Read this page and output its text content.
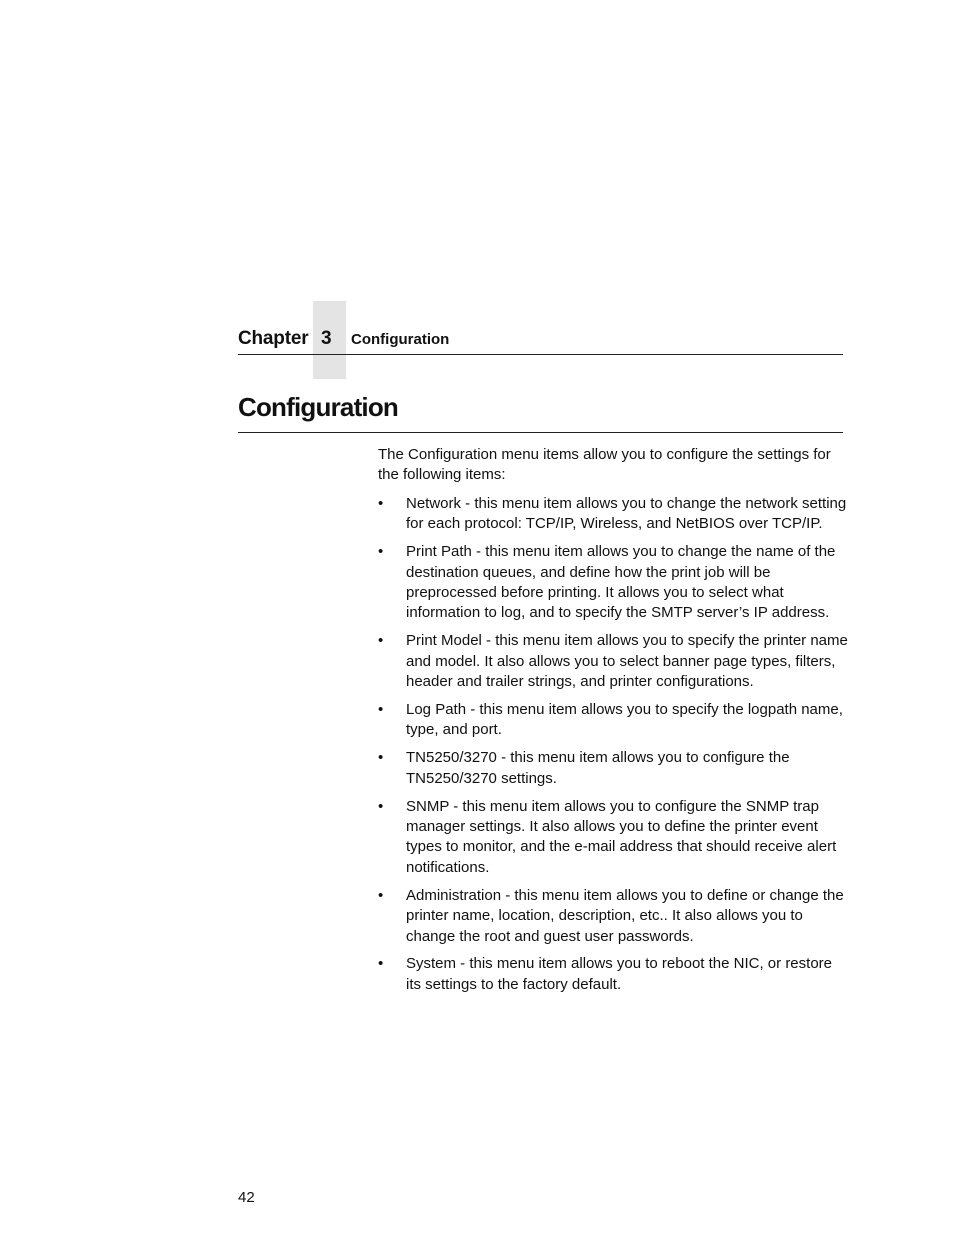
Chapter 3 Configuration
Configuration

The Configuration menu items allow you to configure the settings for the following items:

•	Network - this menu item allows you to change the network setting for each protocol: TCP/IP, Wireless, and NetBIOS over TCP/IP.
•	Print Path - this menu item allows you to change the name of the destination queues, and define how the print job will be preprocessed before printing. It allows you to select what information to log, and to specify the SMTP server’s IP address.
•	Print Model - this menu item allows you to specify the printer name and model. It also allows you to select banner page types, filters, header and trailer strings, and printer configurations.
•	Log Path - this menu item allows you to specify the logpath name, type, and port.
•	TN5250/3270 - this menu item allows you to configure the TN5250/3270 settings.
•	SNMP - this menu item allows you to configure the SNMP trap manager settings. It also allows you to define the printer event types to monitor, and the e-mail address that should receive alert notifications.
•	Administration - this menu item allows you to define or change the printer name, location, description, etc.. It also allows you to change the root and guest user passwords.
•	System - this menu item allows you to reboot the NIC, or restore its settings to the factory default.
42
